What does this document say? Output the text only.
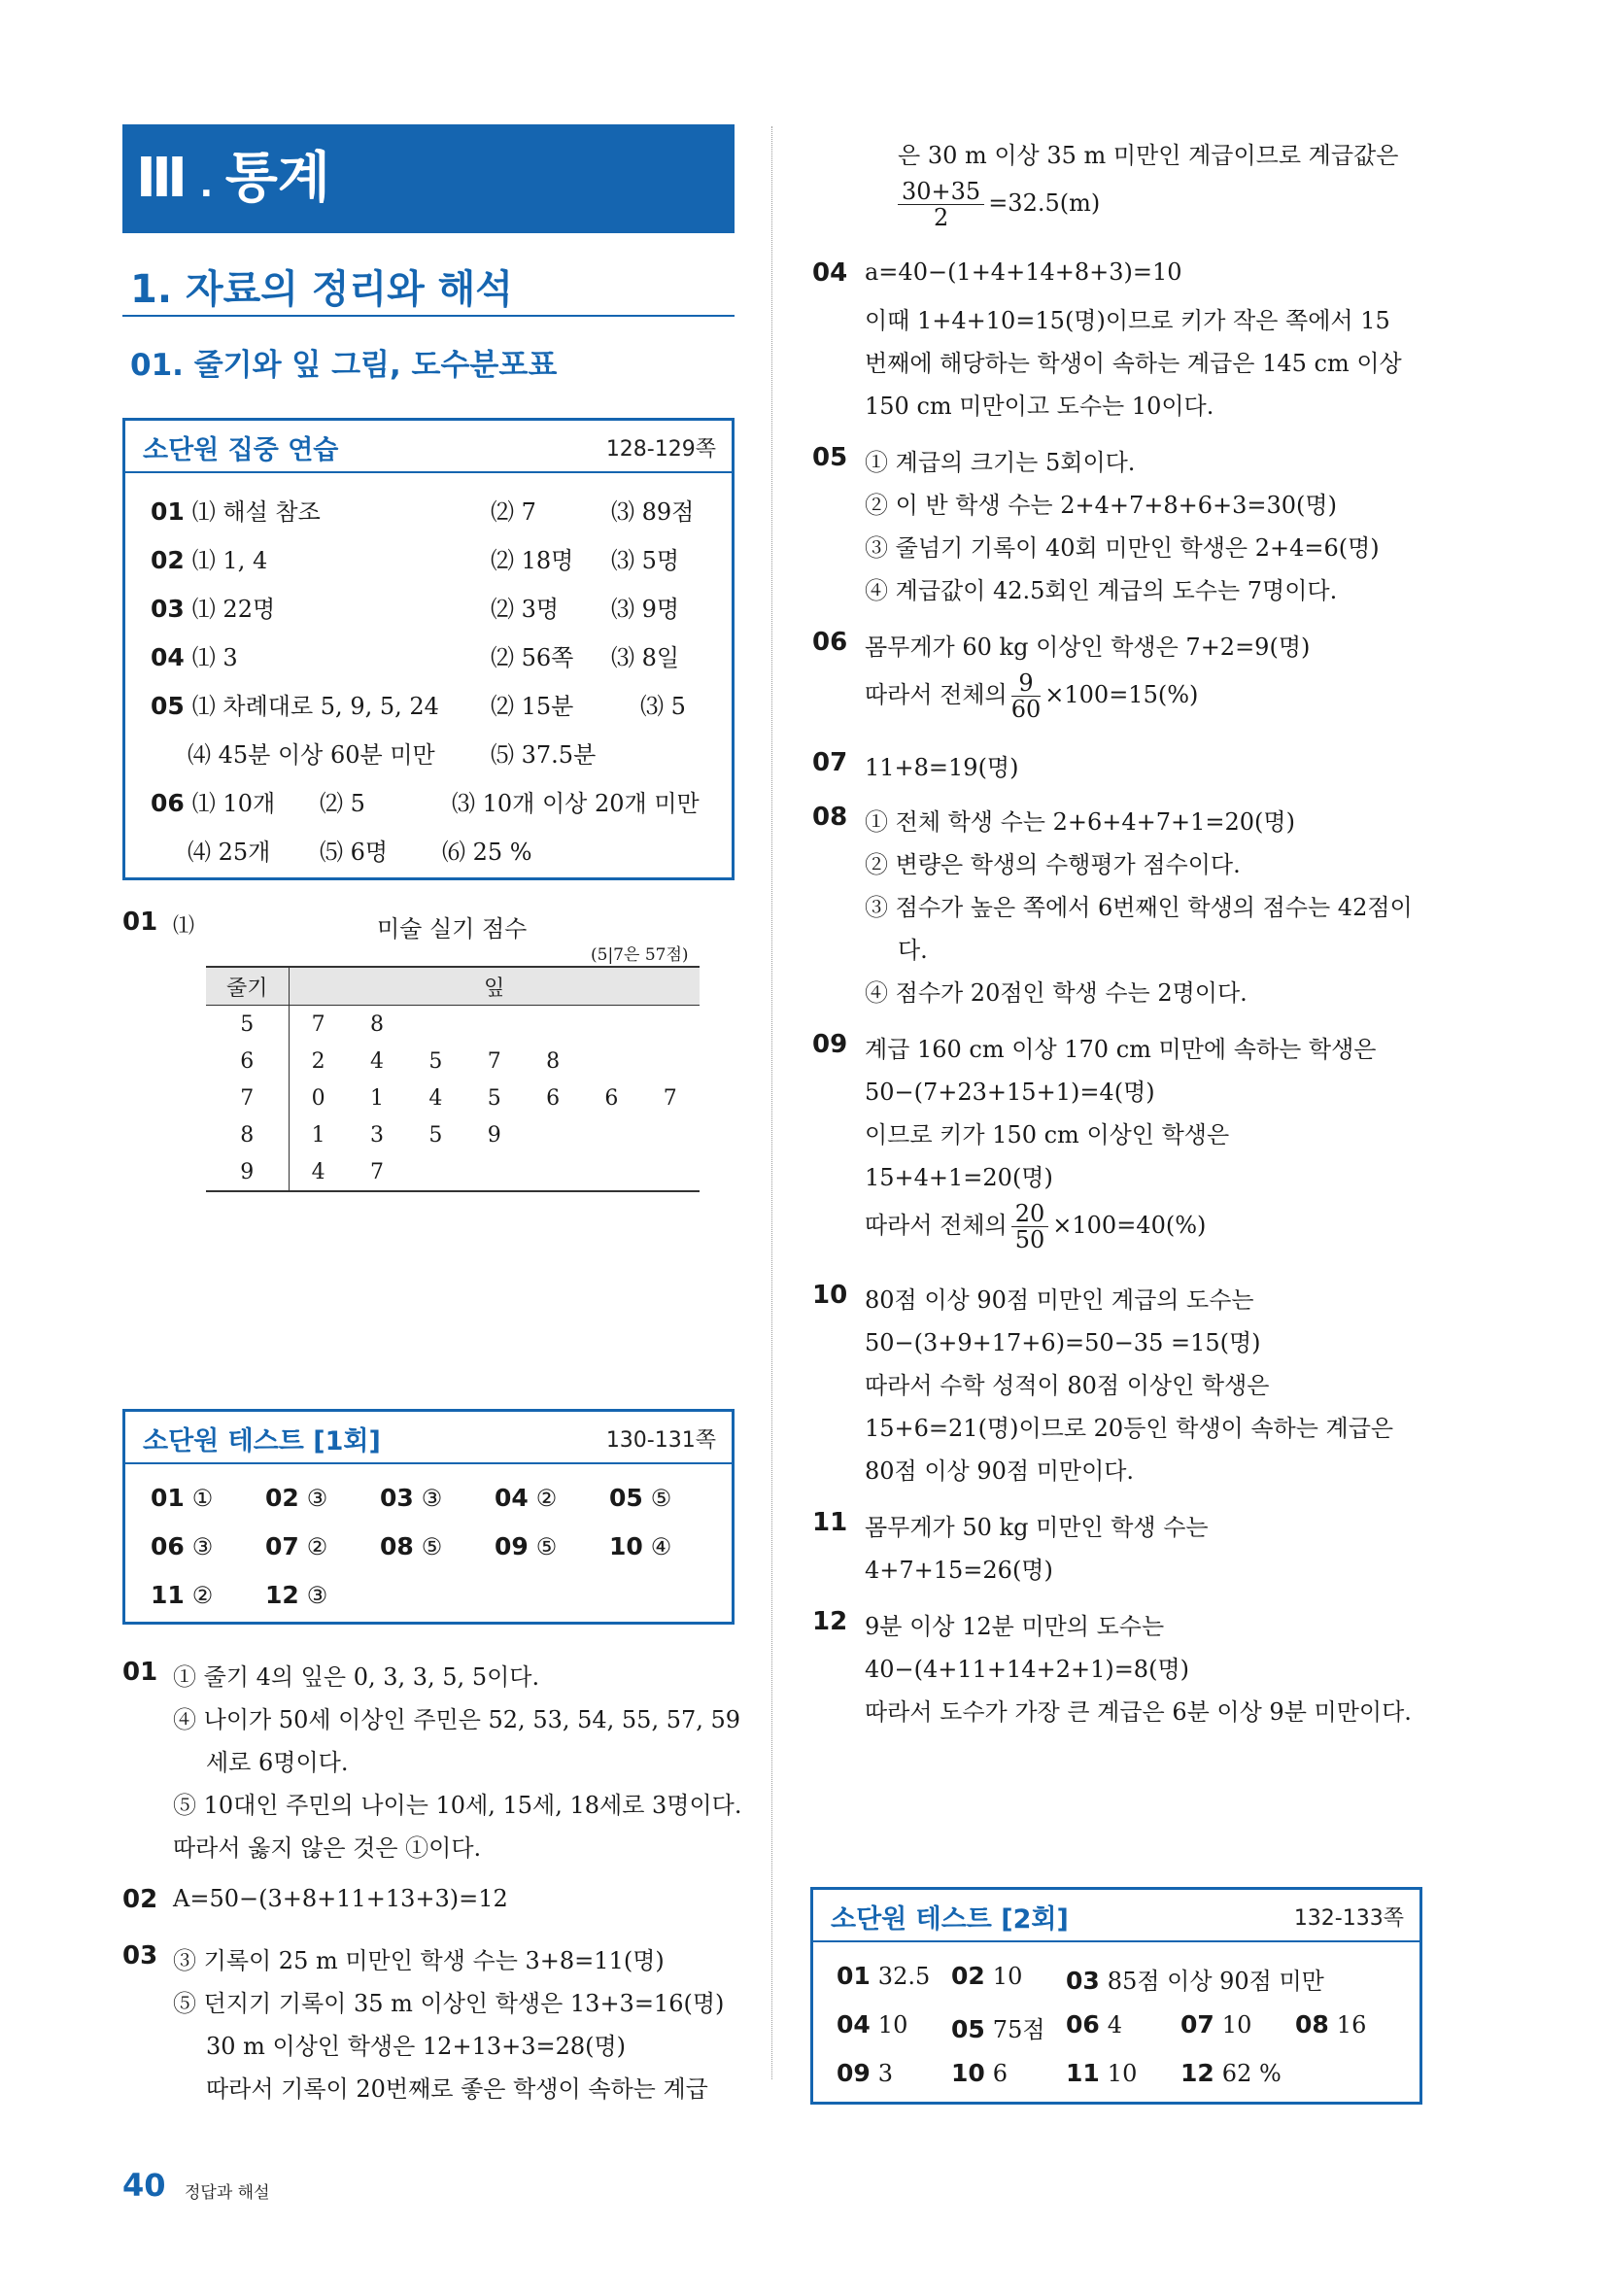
Ⅲ . 통계
1. 자료의 정리와 해석
01. 줄기와 잎 그림, 도수분포표
소단원 집중 연습	128-129쪽
01 ⑴ 해설 참조	⑵ 7	⑶ 89점
02 ⑴ 1, 4	⑵ 18명 ⑶ 5명
03 ⑴ 22명	⑵ 3명 ⑶ 9명
04 ⑴ 3	⑵ 56쪽 ⑶ 8일
05 ⑴ 차례대로 5, 9, 5, 24 ⑵ 15분	⑶ 5
⑷ 45분 이상 60분 미만 ⑸ 37.5분
06 ⑴ 10개 ⑵ 5	⑶ 10개 이상 20개 미만
⑷ 25개 ⑸ 6명 ⑹ 25 %
01 ⑴	미술 실기 점수
(5|7은 57점)
줄기	잎						
5	7	8					
6	2	4	5	7	8		
7	0	1	4	5	6	6	7
8	1	3	5	9			
9	4	7					
소단원 테스트 [1회]	130-131쪽
01 ① 02 ③ 03 ③ 04 ② 05 ⑤
06 ③ 07 ② 08 ⑤ 09 ⑤ 10 ④
11 ② 12 ③
01 ① 줄기 4의 잎은 0, 3, 3, 5, 5이다.
④ 나이가 50세 이상인 주민은 52, 53, 54, 55, 57, 59
세로 6명이다.
⑤ 10대인 주민의 나이는 10세, 15세, 18세로 3명이다.
따라서 옳지 않은 것은 ①이다.
02 A=50−(3+8+11+13+3)=12
03 ③ 기록이 25 m 미만인 학생 수는 3+8=11(명)
⑤ 던지기 기록이 35 m 이상인 학생은 13+3=16(명)
30 m 이상인 학생은 12+13+3=28(명)
따라서 기록이 20번째로 좋은 학생이 속하는 계급
은 30 m 이상 35 m 미만인 계급이므로 계급값은
$\frac{30+35}{2} =32.5(m)$
04 a=40−(1+4+14+8+3)=10
이때 1+4+10=15(명)이므로 키가 작은 쪽에서 15
번째에 해당하는 학생이 속하는 계급은 145 cm 이상
150 cm 미만이고 도수는 10이다.
05 ① 계급의 크기는 5회이다.
② 이 반 학생 수는 2+4+7+8+6+3=30(명)
③ 줄넘기 기록이 40회 미만인 학생은 2+4=6(명)
④ 계급값이 42.5회인 계급의 도수는 7명이다.
06 몸무게가 60 kg 이상인 학생은 7+2=9(명)
따라서 전체의 $\frac{9}{60} \times 100=15(\%)$
07 11+8=19(명)
08 ① 전체 학생 수는 2+6+4+7+1=20(명)
② 변량은 학생의 수행평가 점수이다.
③ 점수가 높은 쪽에서 6번째인 학생의 점수는 42점이
다.
④ 점수가 20점인 학생 수는 2명이다.
09 계급 160 cm 이상 170 cm 미만에 속하는 학생은
50−(7+23+15+1)=4(명)
이므로 키가 150 cm 이상인 학생은
15+4+1=20(명)
따라서 전체의 $\frac{20}{50} \times 100=40(\%)$
10 80점 이상 90점 미만인 계급의 도수는
50−(3+9+17+6)=50−35 =15(명)
따라서 수학 성적이 80점 이상인 학생은
15+6=21(명)이므로 20등인 학생이 속하는 계급은
80점 이상 90점 미만이다.
11 몸무게가 50 kg 미만인 학생 수는
4+7+15=26(명)
12 9분 이상 12분 미만의 도수는
40−(4+11+14+2+1)=8(명)
따라서 도수가 가장 큰 계급은 6분 이상 9분 미만이다.
소단원 테스트 [2회]	132-133쪽
01 32.5 02 10 03 85점 이상 90점 미만
04 10 05 75점 06 4 07 10 08 16
09 3 10 6 11 10 12 62 %
40 정답과 해설
